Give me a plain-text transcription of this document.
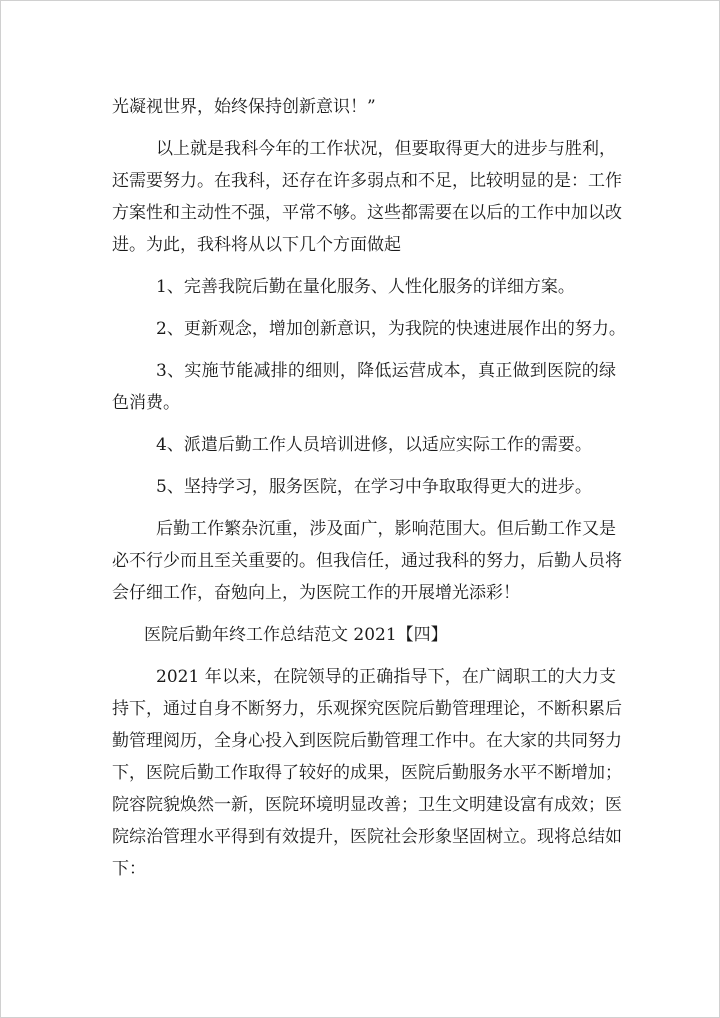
光凝视世界，始终保持创新意识！”
以上就是我科今年的工作状况，但要取得更大的进步与胜利，
还需要努力。在我科，还存在许多弱点和不足，比较明显的是：工作
方案性和主动性不强，平常不够。这些都需要在以后的工作中加以改
进。为此，我科将从以下几个方面做起
1、完善我院后勤在量化服务、人性化服务的详细方案。
2、更新观念，增加创新意识，为我院的快速进展作出的努力。
3、实施节能减排的细则，降低运营成本，真正做到医院的绿
色消费。
4、派遣后勤工作人员培训进修，以适应实际工作的需要。
5、坚持学习，服务医院，在学习中争取取得更大的进步。
后勤工作繁杂沉重，涉及面广，影响范围大。但后勤工作又是
必不行少而且至关重要的。但我信任，通过我科的努力，后勤人员将
会仔细工作，奋勉向上，为医院工作的开展增光添彩！
医院后勤年终工作总结范文 2021【四】
2021 年以来，在院领导的正确指导下，在广阔职工的大力支
持下，通过自身不断努力，乐观探究医院后勤管理理论，不断积累后
勤管理阅历，全身心投入到医院后勤管理工作中。在大家的共同努力
下，医院后勤工作取得了较好的成果，医院后勤服务水平不断增加；
院容院貌焕然一新，医院环境明显改善；卫生文明建设富有成效；医
院综治管理水平得到有效提升，医院社会形象坚固树立。现将总结如
下：
